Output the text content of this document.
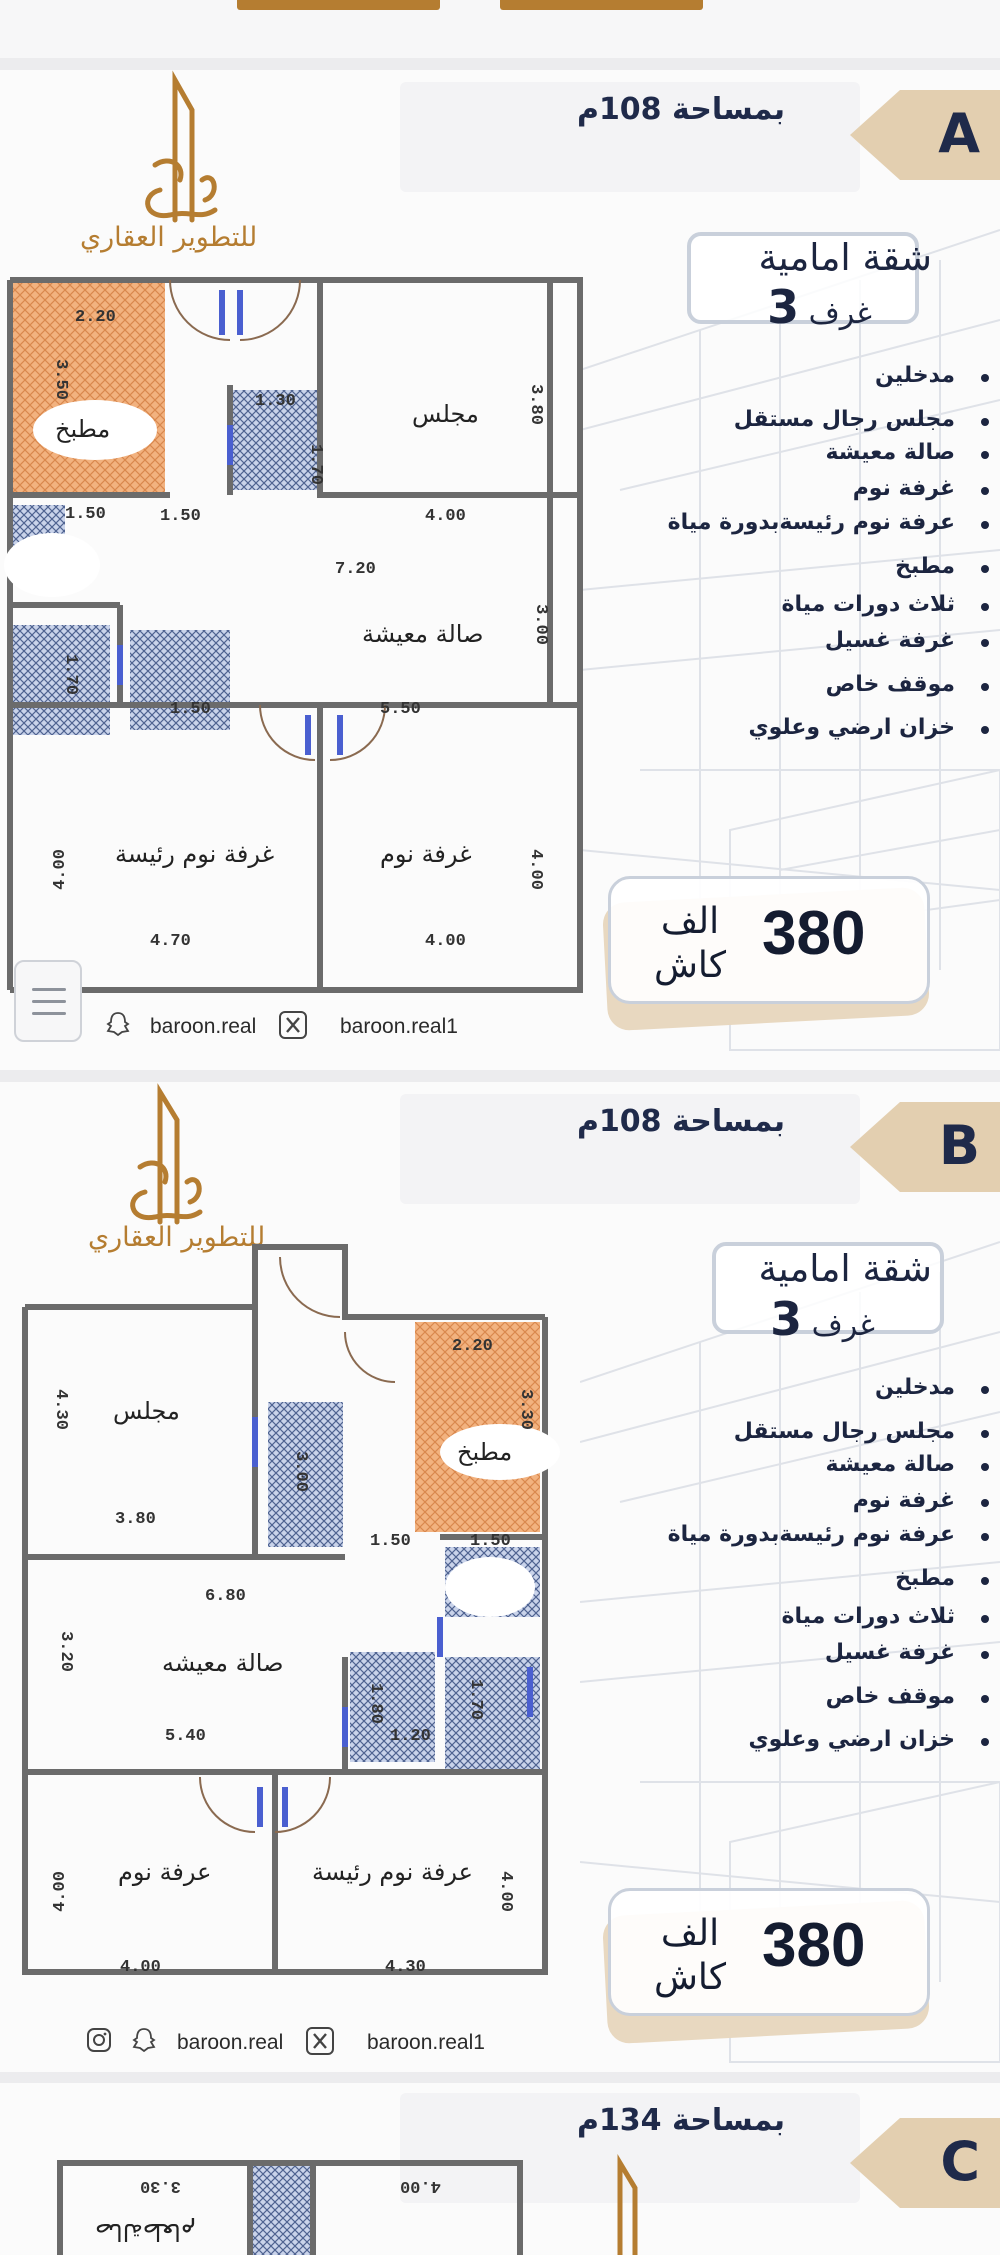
بمساحة 108م	A
للتطوير العقاري	شقة امامية
غرف 3
مدخلين
مجلس رجال مستقل
صالة معيشة
غرفة نوم
عرفة نوم رئيسةبدورة مياة
مطبخ
ثلاث دورات مياة
غرفة غسيل
موقف خاص
خزان ارضي وعلوي
380
الف
كاش
مطبخ
مجلس
صالة معيشة
غرفة نوم رئيسة	غرفة نوم
2.20
3.50
1.30
1.70
3.80
1.50	4.00
7.20
3.00
1.50	5.50
4.00
4.70	4.00
4.00
1.50
1.70
baroon.real	baroon.real1
بمساحة 108م	B
للتطوير العقاري
شقة امامية
غرف 3
مدخلين
مجلس رجال مستقل
صالة معيشة
غرفة نوم
عرفة نوم رئيسةبدورة مياة
مطبخ
ثلاث دورات مياة
غرفة غسيل
موقف خاص
خزان ارضي وعلوي
380
الف
كاش
مجلس
مطبخ
صالة معيشه
عرفة نوم	عرفة نوم رئيسة
4.30
2.20
3.30
3.80
1.50
6.80
3.20
5.40	1.20
4.00
4.00
4.00
4.30
1.70
1.80
3.00
1.50
baroon.real	baroon.real1
بمساحة 134م
C
3.30	4.00
صالةطعام
